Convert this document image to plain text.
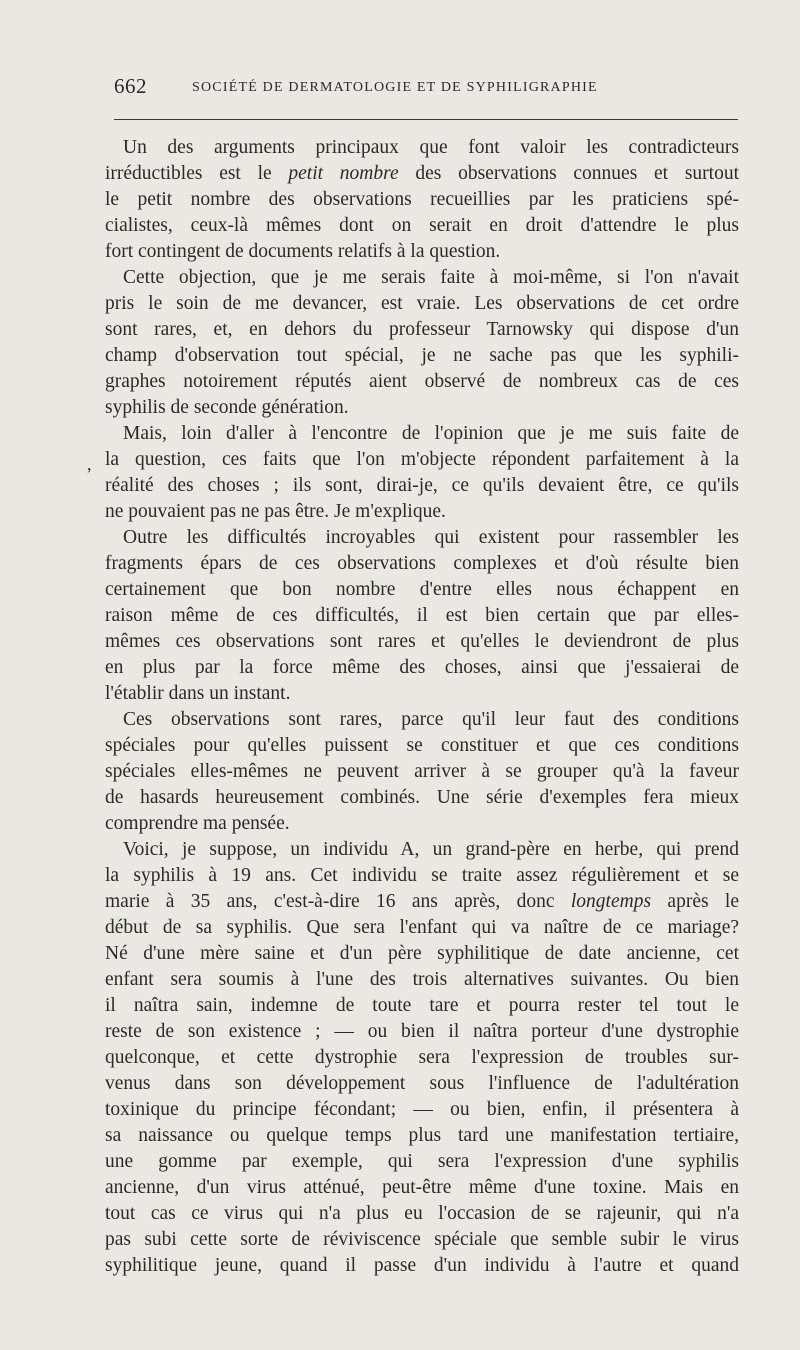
662	SOCIÉTÉ DE DERMATOLOGIE ET DE SYPHILIGRAPHIE
,
Un des arguments principaux que font valoir les contradicteurs
irréductibles est le petit nombre des observations connues et surtout
le petit nombre des observations recueillies par les praticiens spé-
cialistes, ceux-là mêmes dont on serait en droit d'attendre le plus
fort contingent de documents relatifs à la question.
Cette objection, que je me serais faite à moi-même, si l'on n'avait
pris le soin de me devancer, est vraie. Les observations de cet ordre
sont rares, et, en dehors du professeur Tarnowsky qui dispose d'un
champ d'observation tout spécial, je ne sache pas que les syphili-
graphes notoirement réputés aient observé de nombreux cas de ces
syphilis de seconde génération.
Mais, loin d'aller à l'encontre de l'opinion que je me suis faite de
la question, ces faits que l'on m'objecte répondent parfaitement à la
réalité des choses ; ils sont, dirai-je, ce qu'ils devaient être, ce qu'ils
ne pouvaient pas ne pas être. Je m'explique.
Outre les difficultés incroyables qui existent pour rassembler les
fragments épars de ces observations complexes et d'où résulte bien
certainement que bon nombre d'entre elles nous échappent en
raison même de ces difficultés, il est bien certain que par elles-
mêmes ces observations sont rares et qu'elles le deviendront de plus
en plus par la force même des choses, ainsi que j'essaierai de
l'établir dans un instant.
Ces observations sont rares, parce qu'il leur faut des conditions
spéciales pour qu'elles puissent se constituer et que ces conditions
spéciales elles-mêmes ne peuvent arriver à se grouper qu'à la faveur
de hasards heureusement combinés. Une série d'exemples fera mieux
comprendre ma pensée.
Voici, je suppose, un individu A, un grand-père en herbe, qui prend
la syphilis à 19 ans. Cet individu se traite assez régulièrement et se
marie à 35 ans, c'est-à-dire 16 ans après, donc longtemps après le
début de sa syphilis. Que sera l'enfant qui va naître de ce mariage?
Né d'une mère saine et d'un père syphilitique de date ancienne, cet
enfant sera soumis à l'une des trois alternatives suivantes. Ou bien
il naîtra sain, indemne de toute tare et pourra rester tel tout le
reste de son existence ; — ou bien il naîtra porteur d'une dystrophie
quelconque, et cette dystrophie sera l'expression de troubles sur-
venus dans son développement sous l'influence de l'adultération
toxinique du principe fécondant; — ou bien, enfin, il présentera à
sa naissance ou quelque temps plus tard une manifestation tertiaire,
une gomme par exemple, qui sera l'expression d'une syphilis
ancienne, d'un virus atténué, peut-être même d'une toxine. Mais en
tout cas ce virus qui n'a plus eu l'occasion de se rajeunir, qui n'a
pas subi cette sorte de réviviscence spéciale que semble subir le virus
syphilitique jeune, quand il passe d'un individu à l'autre et quand
